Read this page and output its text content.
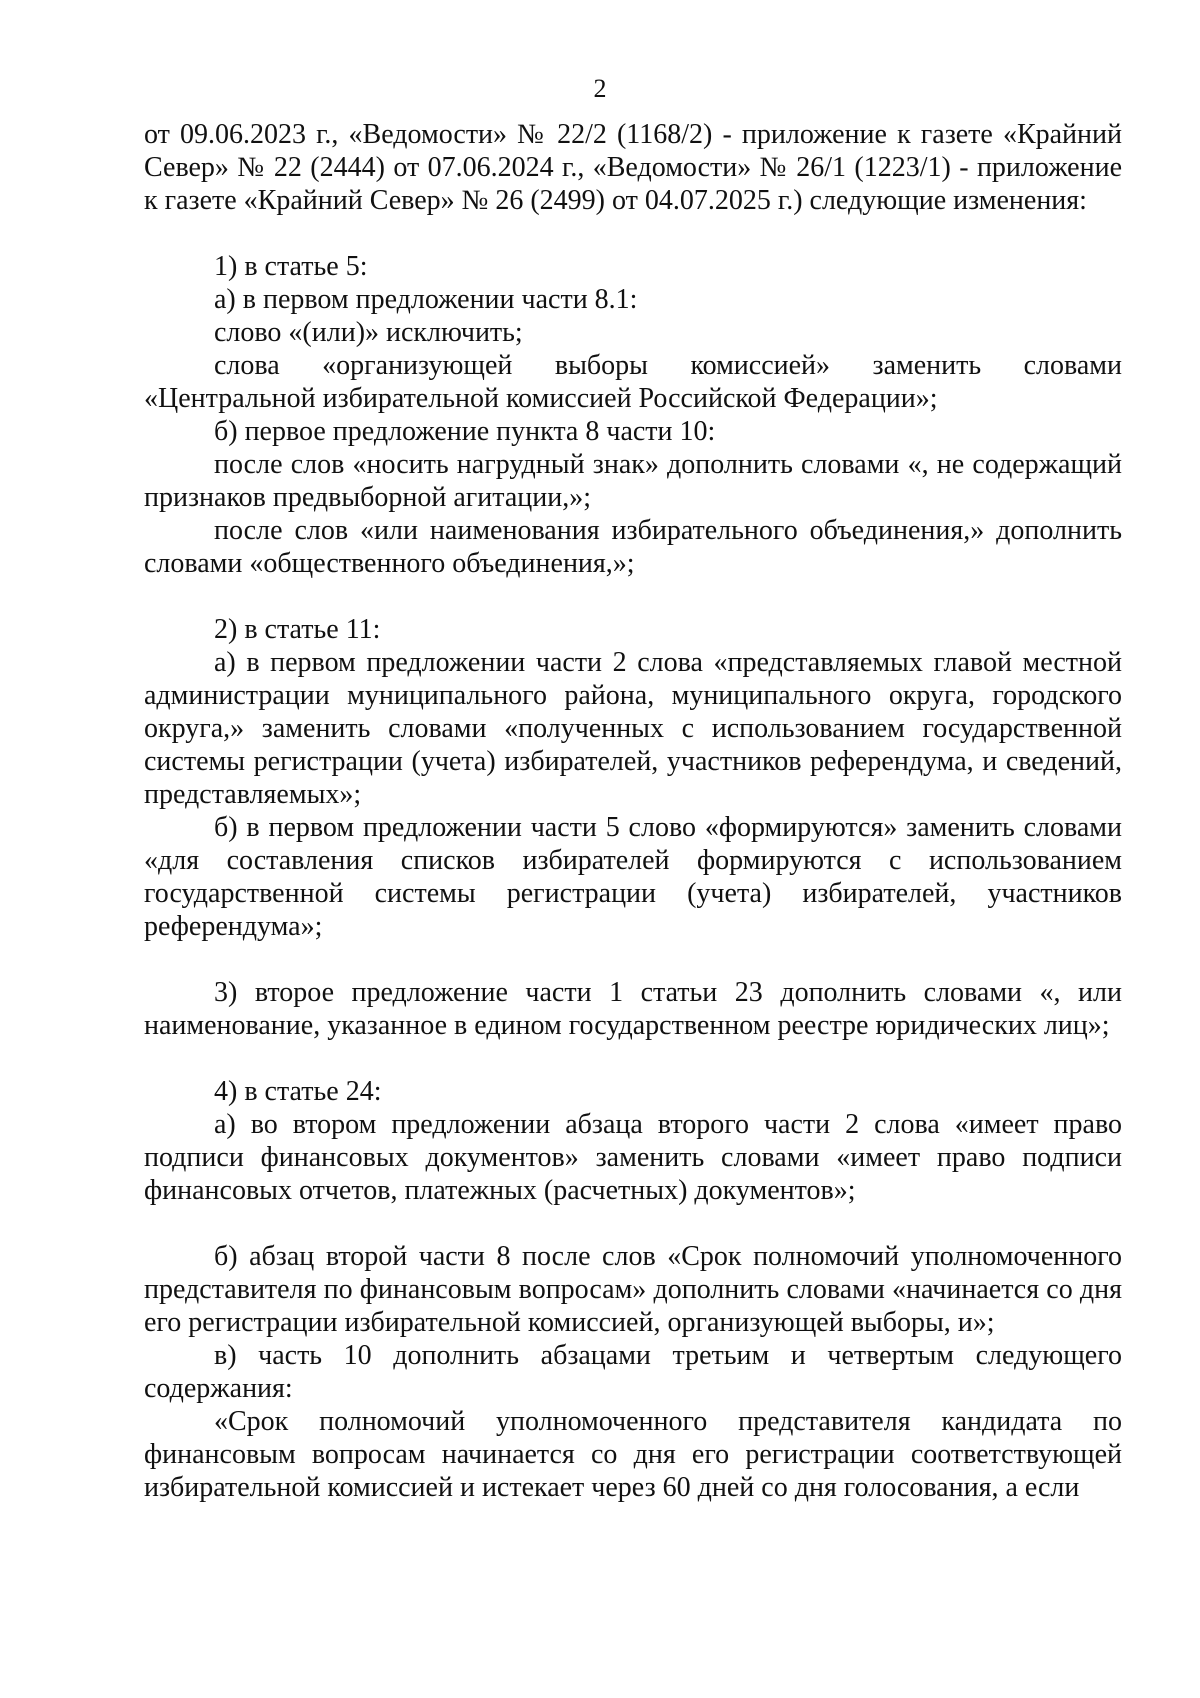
2

от 09.06.2023 г., «Ведомости» № 22/2 (1168/2) - приложение к газете «Крайний Север» № 22 (2444) от 07.06.2024 г., «Ведомости» № 26/1 (1223/1) - приложение к газете «Крайний Север» № 26 (2499) от 04.07.2025 г.) следующие изменения:

1) в статье 5:

а) в первом предложении части 8.1:

слово «(или)» исключить;

слова «организующей выборы комиссией» заменить словами «Центральной избирательной комиссией Российской Федерации»;

б) первое предложение пункта 8 части 10:

после слов «носить нагрудный знак» дополнить словами «, не содержащий признаков предвыборной агитации,»;

после слов «или наименования избирательного объединения,» дополнить словами «общественного объединения,»;

2) в статье 11:

а) в первом предложении части 2 слова «представляемых главой местной администрации муниципального района, муниципального округа, городского округа,» заменить словами «полученных с использованием государственной системы регистрации (учета) избирателей, участников референдума, и сведений, представляемых»;

б) в первом предложении части 5 слово «формируются» заменить словами «для составления списков избирателей формируются с использованием государственной системы регистрации (учета) избирателей, участников референдума»;

3) второе предложение части 1 статьи 23 дополнить словами «, или наименование, указанное в едином государственном реестре юридических лиц»;

4) в статье 24:

а) во втором предложении абзаца второго части 2 слова «имеет право подписи финансовых документов» заменить словами «имеет право подписи финансовых отчетов, платежных (расчетных) документов»;

б) абзац второй части 8 после слов «Срок полномочий уполномоченного представителя по финансовым вопросам» дополнить словами «начинается со дня его регистрации избирательной комиссией, организующей выборы, и»;

в) часть 10 дополнить абзацами третьим и четвертым следующего содержания:

«Срок полномочий уполномоченного представителя кандидата по финансовым вопросам начинается со дня его регистрации соответствующей избирательной комиссией и истекает через 60 дней со дня голосования, а если
